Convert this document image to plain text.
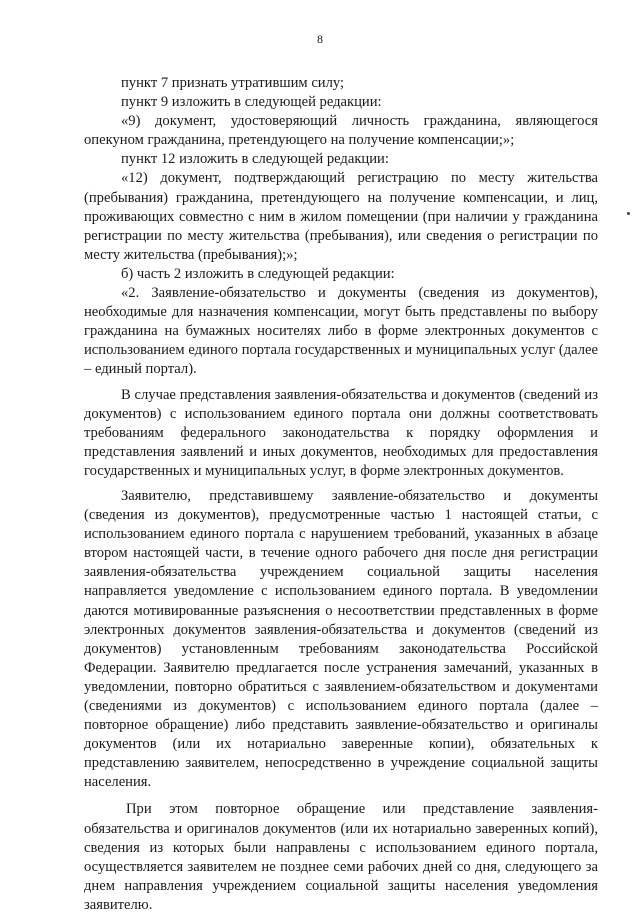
8

пункт 7 признать утратившим силу;

пункт 9 изложить в следующей редакции:

«9) документ, удостоверяющий личность гражданина, являющегося опекуном гражданина, претендующего на получение компенсации;»;

пункт 12 изложить в следующей редакции:

«12) документ, подтверждающий регистрацию по месту жительства (пребывания) гражданина, претендующего на получение компенсации, и лиц, проживающих совместно с ним в жилом помещении (при наличии у гражданина регистрации по месту жительства (пребывания), или сведения о регистрации по месту жительства (пребывания);»;

б) часть 2 изложить в следующей редакции:

«2. Заявление-обязательство и документы (сведения из документов), необходимые для назначения компенсации, могут быть представлены по выбору гражданина на бумажных носителях либо в форме электронных документов с использованием единого портала государственных и муниципальных услуг (далее – единый портал).

В случае представления заявления-обязательства и документов (сведений из документов) с использованием единого портала они должны соответствовать требованиям федерального законодательства к порядку оформления и представления заявлений и иных документов, необходимых для предоставления государственных и муниципальных услуг, в форме электронных документов.

Заявителю, представившему заявление-обязательство и документы (сведения из документов), предусмотренные частью 1 настоящей статьи, с использованием единого портала с нарушением требований, указанных в абзаце втором настоящей части, в течение одного рабочего дня после дня регистрации заявления-обязательства учреждением социальной защиты населения направляется уведомление с использованием единого портала. В уведомлении даются мотивированные разъяснения о несоответствии представленных в форме электронных документов заявления-обязательства и документов (сведений из документов) установленным требованиям законодательства Российской Федерации. Заявителю предлагается после устранения замечаний, указанных в уведомлении, повторно обратиться с заявлением-обязательством и документами (сведениями из документов) с использованием единого портала (далее – повторное обращение) либо представить заявление-обязательство и оригиналы документов (или их нотариально заверенные копии), обязательных к представлению заявителем, непосредственно в учреждение социальной защиты населения.

При этом повторное обращение или представление заявления-обязательства и оригиналов документов (или их нотариально заверенных копий), сведения из которых были направлены с использованием единого портала, осуществляется заявителем не позднее семи рабочих дней со дня, следующего за днем направления учреждением социальной защиты населения уведомления заявителю.
